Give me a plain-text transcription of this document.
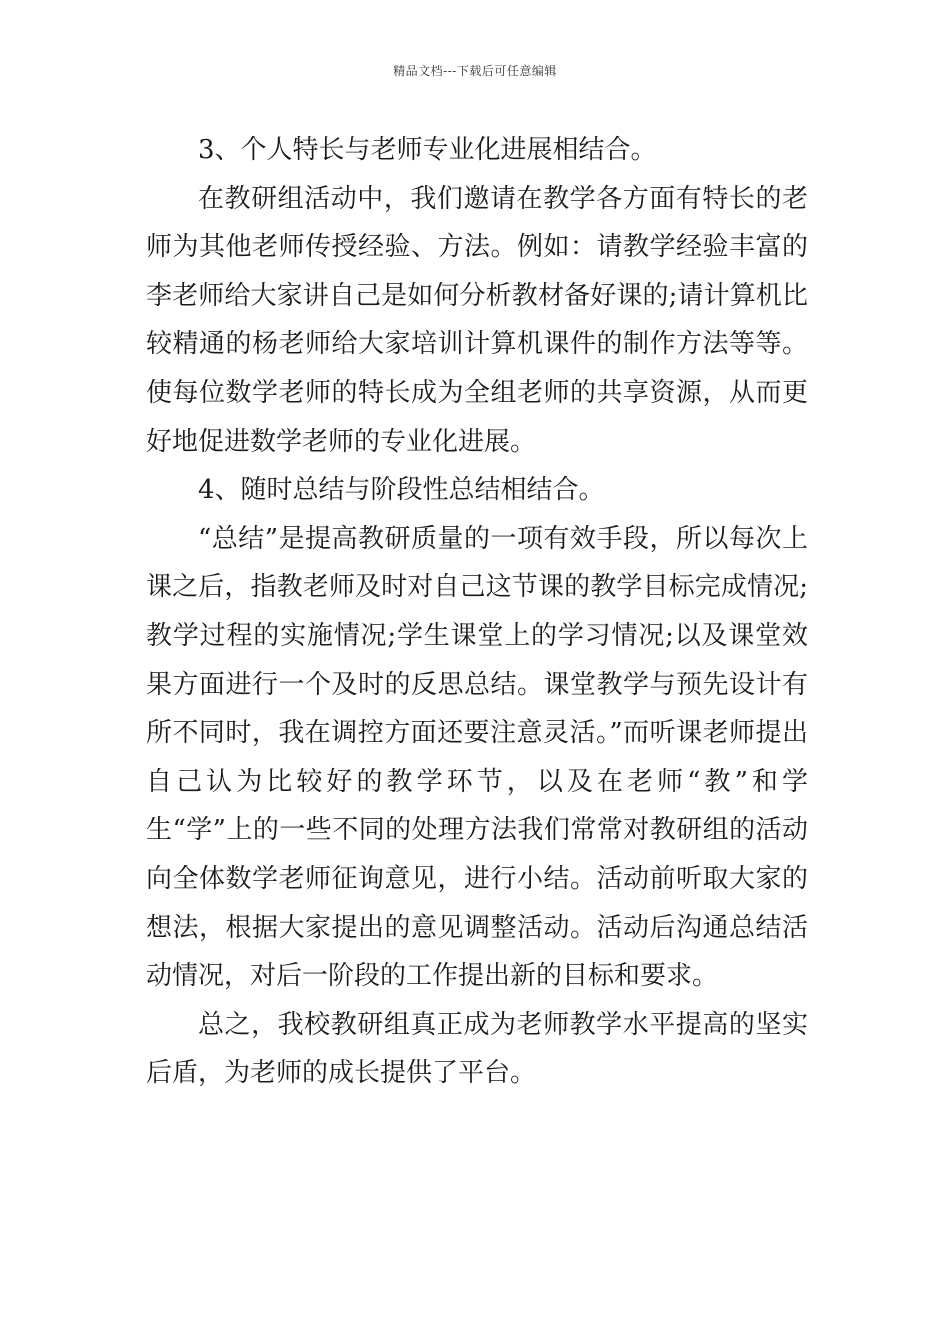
精品文档---下载后可任意编辑

3、个人特长与老师专业化进展相结合。

在教研组活动中，我们邀请在教学各方面有特长的老师为其他老师传授经验、方法。例如：请教学经验丰富的李老师给大家讲自己是如何分析教材备好课的;请计算机比较精通的杨老师给大家培训计算机课件的制作方法等等。使每位数学老师的特长成为全组老师的共享资源，从而更好地促进数学老师的专业化进展。

4、随时总结与阶段性总结相结合。

“总结”是提高教研质量的一项有效手段，所以每次上课之后，指教老师及时对自己这节课的教学目标完成情况;教学过程的实施情况;学生课堂上的学习情况;以及课堂效果方面进行一个及时的反思总结。课堂教学与预先设计有所不同时，我在调控方面还要注意灵活。”而听课老师提出自己认为比较好的教学环节，以及在老师“教”和学生“学”上的一些不同的处理方法我们常常对教研组的活动向全体数学老师征询意见，进行小结。活动前听取大家的想法，根据大家提出的意见调整活动。活动后沟通总结活动情况，对后一阶段的工作提出新的目标和要求。

总之，我校教研组真正成为老师教学水平提高的坚实后盾，为老师的成长提供了平台。
